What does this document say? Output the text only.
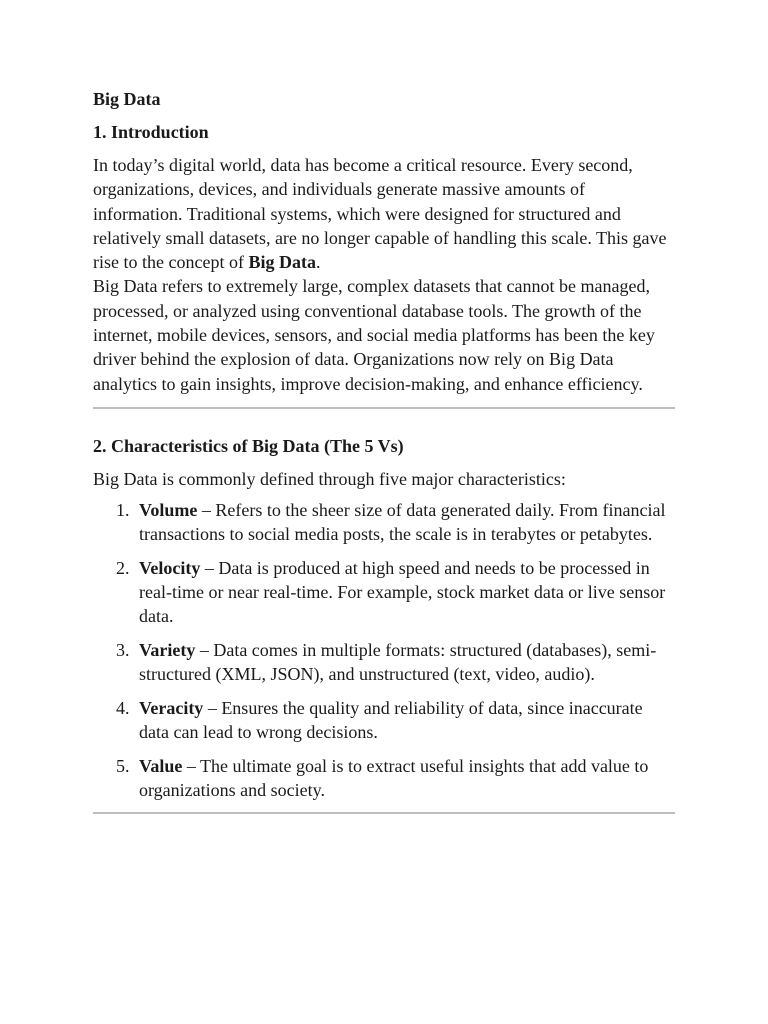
Big Data
1. Introduction

In today’s digital world, data has become a critical resource. Every second, organizations, devices, and individuals generate massive amounts of information. Traditional systems, which were designed for structured and relatively small datasets, are no longer capable of handling this scale. This gave rise to the concept of Big Data.

Big Data refers to extremely large, complex datasets that cannot be managed, processed, or analyzed using conventional database tools. The growth of the internet, mobile devices, sensors, and social media platforms has been the key driver behind the explosion of data. Organizations now rely on Big Data analytics to gain insights, improve decision-making, and enhance efficiency.

2. Characteristics of Big Data (The 5 Vs)

Big Data is commonly defined through five major characteristics:

1. Volume – Refers to the sheer size of data generated daily. From financial transactions to social media posts, the scale is in terabytes or petabytes.
2. Velocity – Data is produced at high speed and needs to be processed in real-time or near real-time. For example, stock market data or live sensor data.
3. Variety – Data comes in multiple formats: structured (databases), semi-structured (XML, JSON), and unstructured (text, video, audio).
4. Veracity – Ensures the quality and reliability of data, since inaccurate data can lead to wrong decisions.
5. Value – The ultimate goal is to extract useful insights that add value to organizations and society.
